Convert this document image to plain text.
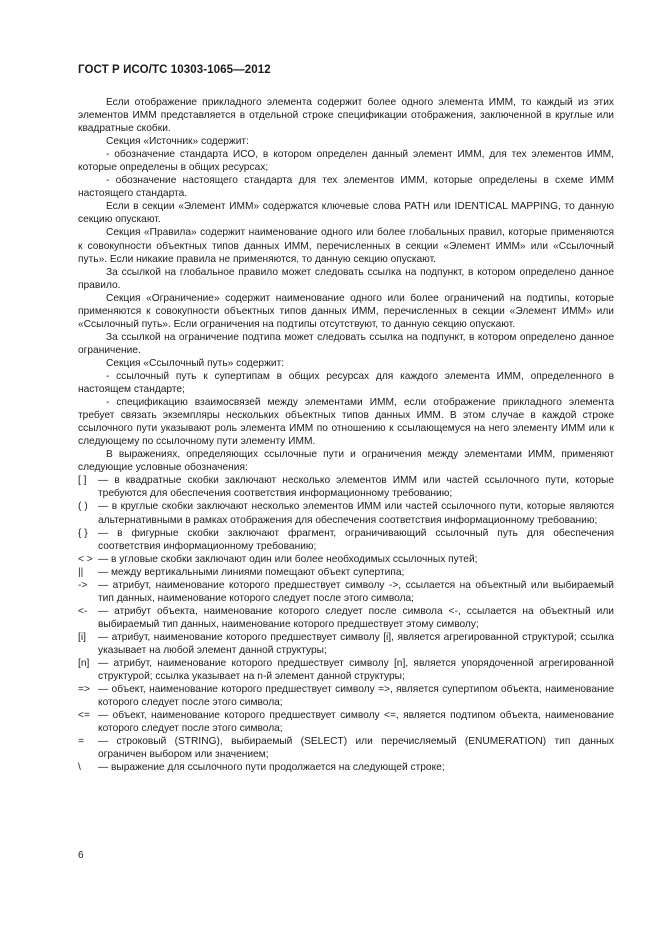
ГОСТ Р ИСО/ТС 10303-1065—2012

Если отображение прикладного элемента содержит более одного элемента ИММ, то каждый из этих элементов ИММ представляется в отдельной строке спецификации отображения, заключенной в круглые или квадратные скобки.

Секция «Источник» содержит:

- обозначение стандарта ИСО, в котором определен данный элемент ИММ, для тех элементов ИММ, которые определены в общих ресурсах;

- обозначение настоящего стандарта для тех элементов ИММ, которые определены в схеме ИММ настоящего стандарта.

Если в секции «Элемент ИММ» содержатся ключевые слова PATH или IDENTICAL MAPPING, то данную секцию опускают.

Секция «Правила» содержит наименование одного или более глобальных правил, которые применяются к совокупности объектных типов данных ИММ, перечисленных в секции «Элемент ИММ» или «Ссылочный путь». Если никакие правила не применяются, то данную секцию опускают.

За ссылкой на глобальное правило может следовать ссылка на подпункт, в котором определено данное правило.

Секция «Ограничение» содержит наименование одного или более ограничений на подтипы, которые применяются к совокупности объектных типов данных ИММ, перечисленных в секции «Элемент ИММ» или «Ссылочный путь». Если ограничения на подтипы отсутствуют, то данную секцию опускают.

За ссылкой на ограничение подтипа может следовать ссылка на подпункт, в котором определено данное ограничение.

Секция «Ссылочный путь» содержит:

- ссылочный путь к супертипам в общих ресурсах для каждого элемента ИММ, определенного в настоящем стандарте;

- спецификацию взаимосвязей между элементами ИММ, если отображение прикладного элемента требует связать экземпляры нескольких объектных типов данных ИММ. В этом случае в каждой строке ссылочного пути указывают роль элемента ИММ по отношению к ссылающемуся на него элементу ИММ или к следующему по ссылочному пути элементу ИММ.

В выражениях, определяющих ссылочные пути и ограничения между элементами ИММ, применяют следующие условные обозначения:

[ ] — в квадратные скобки заключают несколько элементов ИММ или частей ссылочного пути, которые требуются для обеспечения соответствия информационному требованию;

( ) — в круглые скобки заключают несколько элементов ИММ или частей ссылочного пути, которые являются альтернативными в рамках отображения для обеспечения соответствия информационному требованию;

{ } — в фигурные скобки заключают фрагмент, ограничивающий ссылочный путь для обеспечения соответствия информационному требованию;

< > — в угловые скобки заключают один или более необходимых ссылочных путей;

|| — между вертикальными линиями помещают объект супертипа;

-> — атрибут, наименование которого предшествует символу ->, ссылается на объектный или выбираемый тип данных, наименование которого следует после этого символа;

<- — атрибут объекта, наименование которого следует после символа <-, ссылается на объектный или выбираемый тип данных, наименование которого предшествует этому символу;

[i] — атрибут, наименование которого предшествует символу [i], является агрегированной структурой; ссылка указывает на любой элемент данной структуры;

[n] — атрибут, наименование которого предшествует символу [n], является упорядоченной агрегированной структурой; ссылка указывает на n-й элемент данной структуры;

=> — объект, наименование которого предшествует символу =>, является супертипом объекта, наименование которого следует после этого символа;

<= — объект, наименование которого предшествует символу <=, является подтипом объекта, наименование которого следует после этого символа;

= — строковый (STRING), выбираемый (SELECT) или перечисляемый (ENUMERATION) тип данных ограничен выбором или значением;

\ — выражение для ссылочного пути продолжается на следующей строке;

6
